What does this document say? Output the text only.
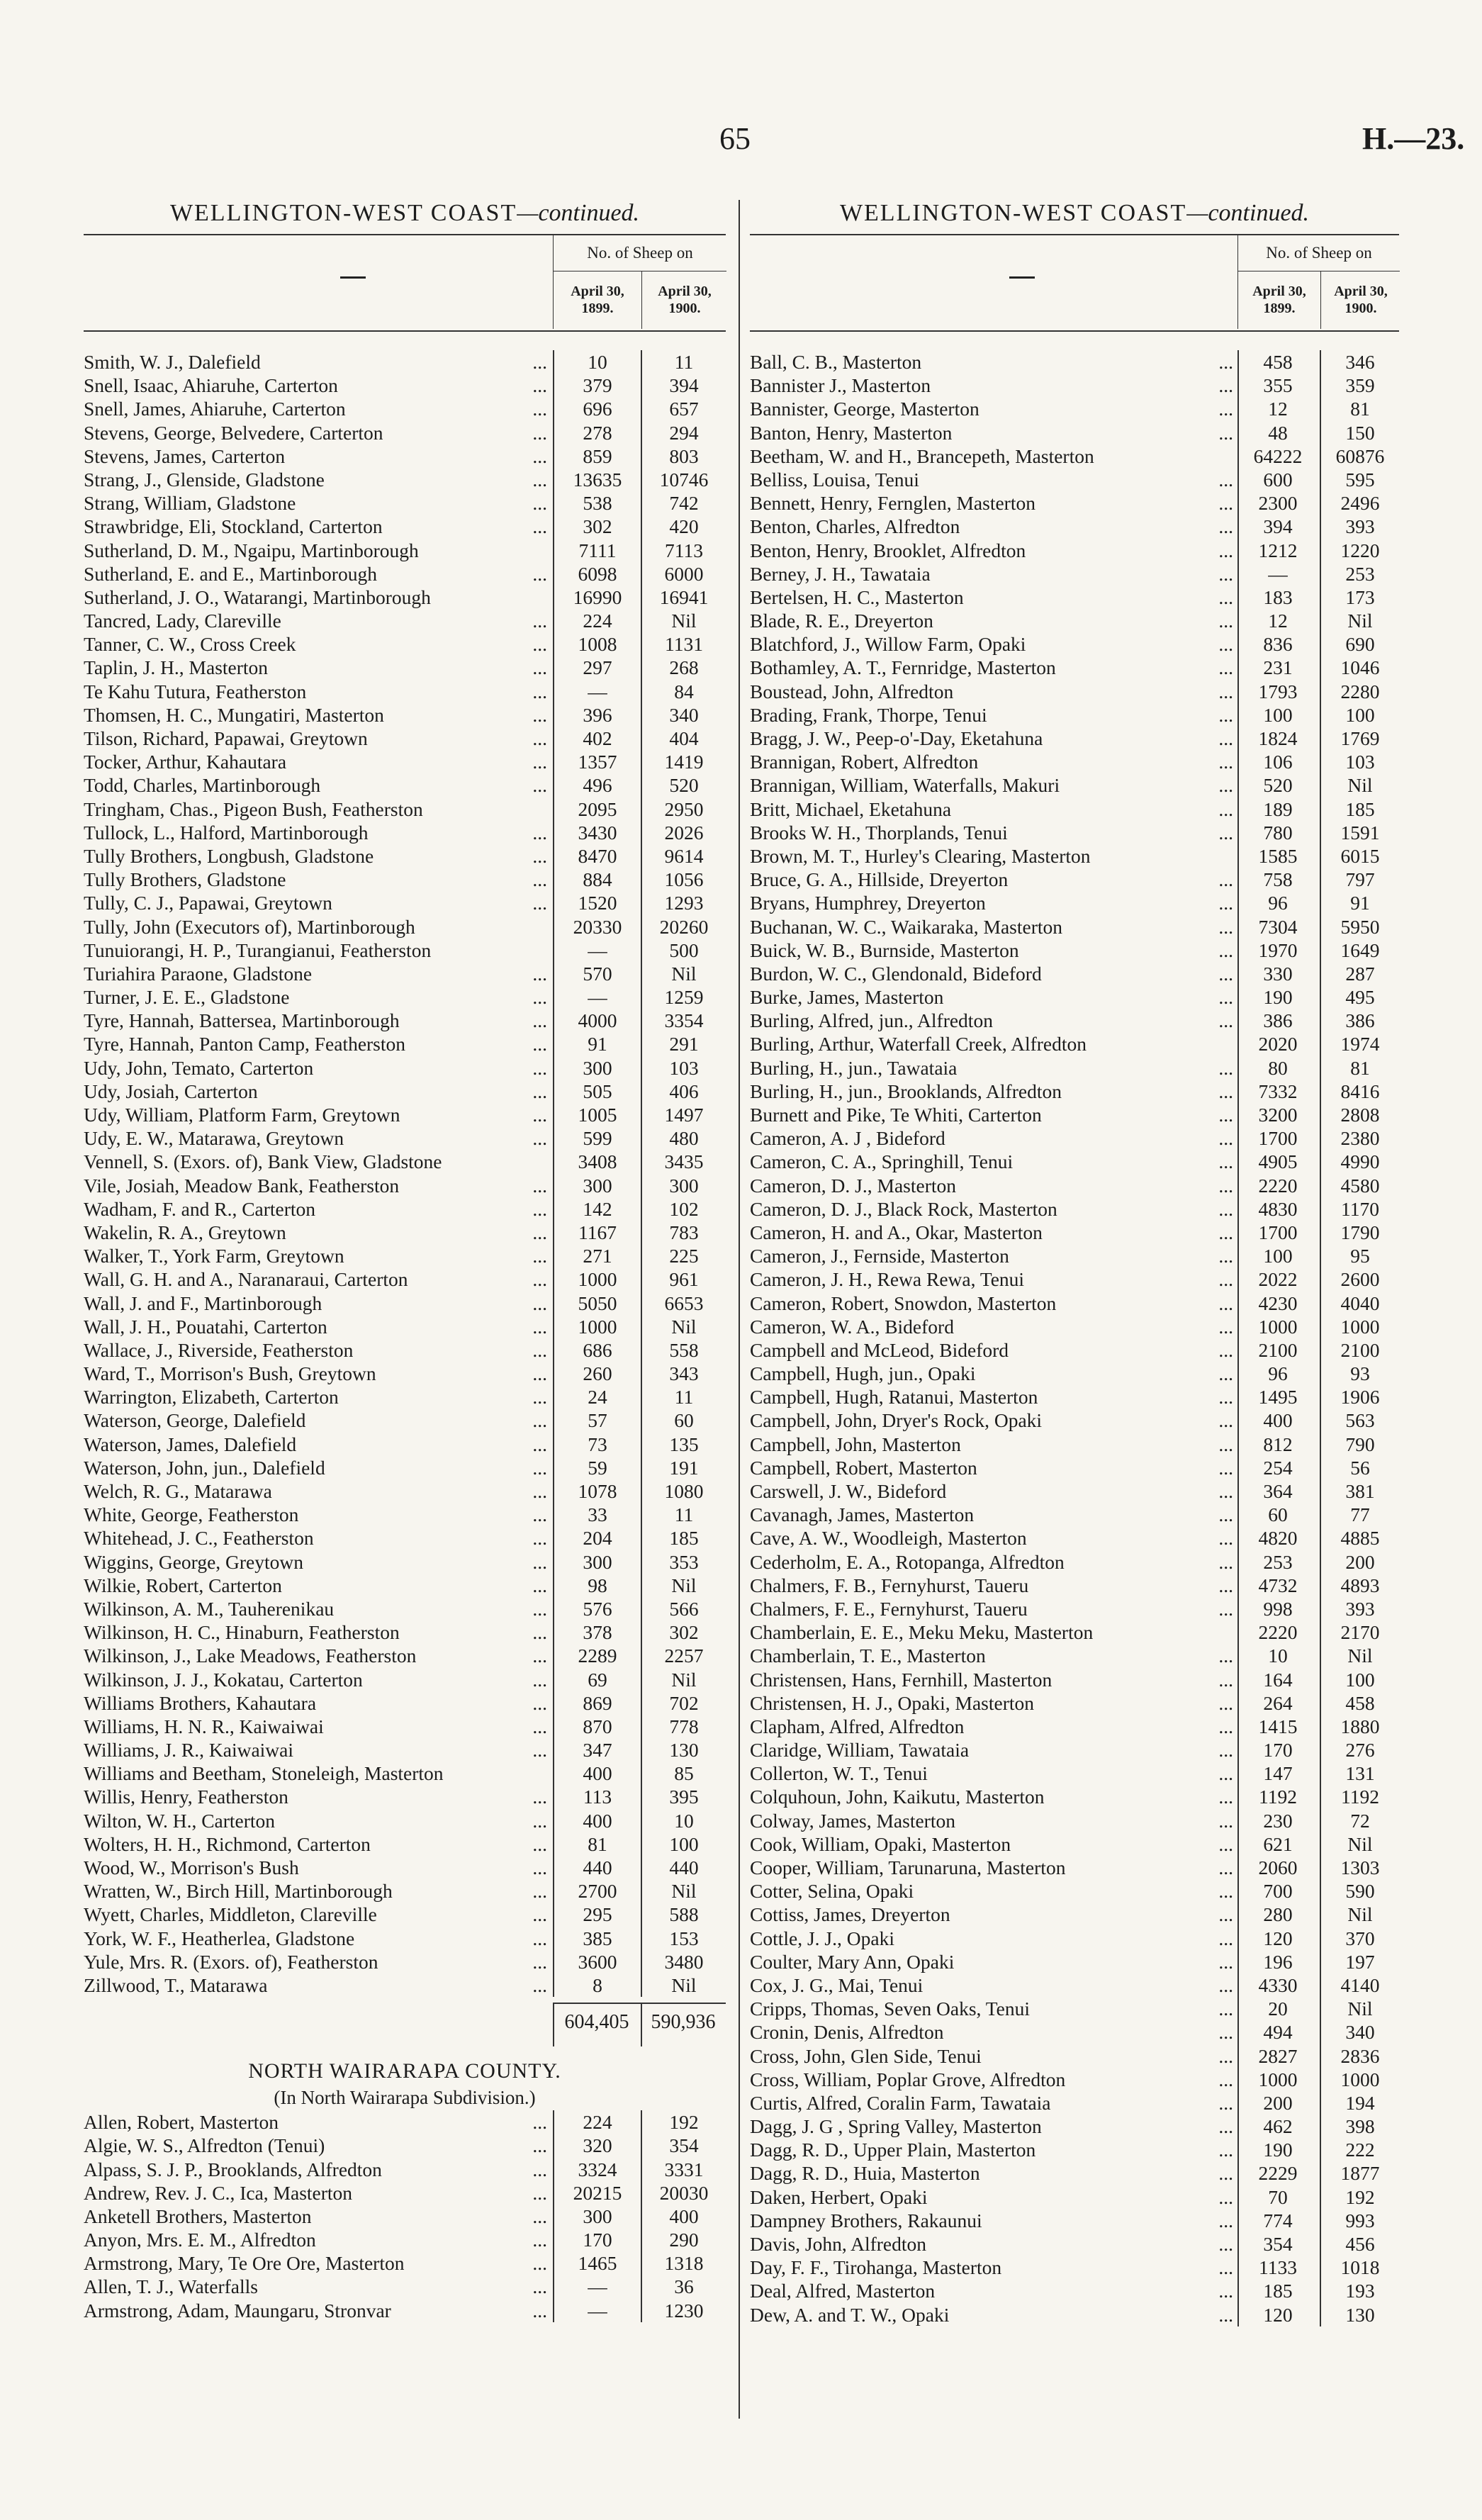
65	H.—23.
WELLINGTON-WEST COAST—continued.
No. of Sheep on
April 30,
1899.
April 30,
1900.
Smith, W. J., Dalefield	...	10	11
Snell, Isaac, Ahiaruhe, Carterton	...	379	394
Snell, James, Ahiaruhe, Carterton	...	696	657
Stevens, George, Belvedere, Carterton	...	278	294
Stevens, James, Carterton	...	859	803
Strang, J., Glenside, Gladstone	...	13635	10746
Strang, William, Gladstone	...	538	742
Strawbridge, Eli, Stockland, Carterton	...	302	420
Sutherland, D. M., Ngaipu, Martinborough	7111	7113
Sutherland, E. and E., Martinborough	...	6098	6000
Sutherland, J. O., Watarangi, Martinborough	16990	16941
Tancred, Lady, Clareville	...	224	Nil
Tanner, C. W., Cross Creek	...	1008	1131
Taplin, J. H., Masterton	...	297	268
Te Kahu Tutura, Featherston	...	—	84
Thomsen, H. C., Mungatiri, Masterton	...	396	340
Tilson, Richard, Papawai, Greytown	...	402	404
Tocker, Arthur, Kahautara	...	1357	1419
Todd, Charles, Martinborough	...	496	520
Tringham, Chas., Pigeon Bush, Featherston	2095	2950
Tullock, L., Halford, Martinborough	...	3430	2026
Tully Brothers, Longbush, Gladstone	...	8470	9614
Tully Brothers, Gladstone	...	884	1056
Tully, C. J., Papawai, Greytown	...	1520	1293
Tully, John (Executors of), Martinborough	20330	20260
Tunuiorangi, H. P., Turangianui, Featherston	—	500
Turiahira Paraone, Gladstone	...	570	Nil
Turner, J. E. E., Gladstone	...	—	1259
Tyre, Hannah, Battersea, Martinborough	...	4000	3354
Tyre, Hannah, Panton Camp, Featherston	...	91	291
Udy, John, Temato, Carterton	...	300	103
Udy, Josiah, Carterton	...	505	406
Udy, William, Platform Farm, Greytown	...	1005	1497
Udy, E. W., Matarawa, Greytown	...	599	480
Vennell, S. (Exors. of), Bank View, Gladstone	3408	3435
Vile, Josiah, Meadow Bank, Featherston	...	300	300
Wadham, F. and R., Carterton	...	142	102
Wakelin, R. A., Greytown	...	1167	783
Walker, T., York Farm, Greytown	...	271	225
Wall, G. H. and A., Naranaraui, Carterton	...	1000	961
Wall, J. and F., Martinborough	...	5050	6653
Wall, J. H., Pouatahi, Carterton	...	1000	Nil
Wallace, J., Riverside, Featherston	...	686	558
Ward, T., Morrison's Bush, Greytown	...	260	343
Warrington, Elizabeth, Carterton	...	24	11
Waterson, George, Dalefield	...	57	60
Waterson, James, Dalefield	...	73	135
Waterson, John, jun., Dalefield	...	59	191
Welch, R. G., Matarawa	...	1078	1080
White, George, Featherston	...	33	11
Whitehead, J. C., Featherston	...	204	185
Wiggins, George, Greytown	...	300	353
Wilkie, Robert, Carterton	...	98	Nil
Wilkinson, A. M., Tauherenikau	...	576	566
Wilkinson, H. C., Hinaburn, Featherston	...	378	302
Wilkinson, J., Lake Meadows, Featherston	...	2289	2257
Wilkinson, J. J., Kokatau, Carterton	...	69	Nil
Williams Brothers, Kahautara	...	869	702
Williams, H. N. R., Kaiwaiwai	...	870	778
Williams, J. R., Kaiwaiwai	...	347	130
Williams and Beetham, Stoneleigh, Masterton	400	85
Willis, Henry, Featherston	...	113	395
Wilton, W. H., Carterton	...	400	10
Wolters, H. H., Richmond, Carterton	...	81	100
Wood, W., Morrison's Bush	...	440	440
Wratten, W., Birch Hill, Martinborough	...	2700	Nil
Wyett, Charles, Middleton, Clareville	...	295	588
York, W. F., Heatherlea, Gladstone	...	385	153
Yule, Mrs. R. (Exors. of), Featherston	...	3600	3480
Zillwood, T., Matarawa	...	8	Nil
604,405	590,936
NORTH WAIRARAPA COUNTY.
(In North Wairarapa Subdivision.)
Allen, Robert, Masterton	...	224	192
Algie, W. S., Alfredton (Tenui)	...	320	354
Alpass, S. J. P., Brooklands, Alfredton	...	3324	3331
Andrew, Rev. J. C., Ica, Masterton	...	20215	20030
Anketell Brothers, Masterton	...	300	400
Anyon, Mrs. E. M., Alfredton	...	170	290
Armstrong, Mary, Te Ore Ore, Masterton	...	1465	1318
Allen, T. J., Waterfalls	...	—	36
Armstrong, Adam, Maungaru, Stronvar	...	—	1230
WELLINGTON-WEST COAST—continued.
No. of Sheep on
April 30,
1899.
April 30,
1900.
Ball, C. B., Masterton	...	458	346
Bannister J., Masterton	...	355	359
Bannister, George, Masterton	...	12	81
Banton, Henry, Masterton	...	48	150
Beetham, W. and H., Brancepeth, Masterton	64222	60876
Belliss, Louisa, Tenui	...	600	595
Bennett, Henry, Fernglen, Masterton	...	2300	2496
Benton, Charles, Alfredton	...	394	393
Benton, Henry, Brooklet, Alfredton	...	1212	1220
Berney, J. H., Tawataia	...	—	253
Bertelsen, H. C., Masterton	...	183	173
Blade, R. E., Dreyerton	...	12	Nil
Blatchford, J., Willow Farm, Opaki	...	836	690
Bothamley, A. T., Fernridge, Masterton	...	231	1046
Boustead, John, Alfredton	...	1793	2280
Brading, Frank, Thorpe, Tenui	...	100	100
Bragg, J. W., Peep-o'-Day, Eketahuna	...	1824	1769
Brannigan, Robert, Alfredton	...	106	103
Brannigan, William, Waterfalls, Makuri	...	520	Nil
Britt, Michael, Eketahuna	...	189	185
Brooks W. H., Thorplands, Tenui	...	780	1591
Brown, M. T., Hurley's Clearing, Masterton	1585	6015
Bruce, G. A., Hillside, Dreyerton	...	758	797
Bryans, Humphrey, Dreyerton	...	96	91
Buchanan, W. C., Waikaraka, Masterton	...	7304	5950
Buick, W. B., Burnside, Masterton	...	1970	1649
Burdon, W. C., Glendonald, Bideford	...	330	287
Burke, James, Masterton	...	190	495
Burling, Alfred, jun., Alfredton	...	386	386
Burling, Arthur, Waterfall Creek, Alfredton	2020	1974
Burling, H., jun., Tawataia	...	80	81
Burling, H., jun., Brooklands, Alfredton	...	7332	8416
Burnett and Pike, Te Whiti, Carterton	...	3200	2808
Cameron, A. J , Bideford	...	1700	2380
Cameron, C. A., Springhill, Tenui	...	4905	4990
Cameron, D. J., Masterton	...	2220	4580
Cameron, D. J., Black Rock, Masterton	...	4830	1170
Cameron, H. and A., Okar, Masterton	...	1700	1790
Cameron, J., Fernside, Masterton	...	100	95
Cameron, J. H., Rewa Rewa, Tenui	...	2022	2600
Cameron, Robert, Snowdon, Masterton	...	4230	4040
Cameron, W. A., Bideford	...	1000	1000
Campbell and McLeod, Bideford	...	2100	2100
Campbell, Hugh, jun., Opaki	...	96	93
Campbell, Hugh, Ratanui, Masterton	...	1495	1906
Campbell, John, Dryer's Rock, Opaki	...	400	563
Campbell, John, Masterton	...	812	790
Campbell, Robert, Masterton	...	254	56
Carswell, J. W., Bideford	...	364	381
Cavanagh, James, Masterton	...	60	77
Cave, A. W., Woodleigh, Masterton	...	4820	4885
Cederholm, E. A., Rotopanga, Alfredton	...	253	200
Chalmers, F. B., Fernyhurst, Taueru	...	4732	4893
Chalmers, F. E., Fernyhurst, Taueru	...	998	393
Chamberlain, E. E., Meku Meku, Masterton	2220	2170
Chamberlain, T. E., Masterton	...	10	Nil
Christensen, Hans, Fernhill, Masterton	...	164	100
Christensen, H. J., Opaki, Masterton	...	264	458
Clapham, Alfred, Alfredton	...	1415	1880
Claridge, William, Tawataia	...	170	276
Collerton, W. T., Tenui	...	147	131
Colquhoun, John, Kaikutu, Masterton	...	1192	1192
Colway, James, Masterton	...	230	72
Cook, William, Opaki, Masterton	...	621	Nil
Cooper, William, Tarunaruna, Masterton	...	2060	1303
Cotter, Selina, Opaki	...	700	590
Cottiss, James, Dreyerton	...	280	Nil
Cottle, J. J., Opaki	...	120	370
Coulter, Mary Ann, Opaki	...	196	197
Cox, J. G., Mai, Tenui	...	4330	4140
Cripps, Thomas, Seven Oaks, Tenui	...	20	Nil
Cronin, Denis, Alfredton	...	494	340
Cross, John, Glen Side, Tenui	...	2827	2836
Cross, William, Poplar Grove, Alfredton	...	1000	1000
Curtis, Alfred, Coralin Farm, Tawataia	...	200	194
Dagg, J. G , Spring Valley, Masterton	...	462	398
Dagg, R. D., Upper Plain, Masterton	...	190	222
Dagg, R. D., Huia, Masterton	...	2229	1877
Daken, Herbert, Opaki	...	70	192
Dampney Brothers, Rakaunui	...	774	993
Davis, John, Alfredton	...	354	456
Day, F. F., Tirohanga, Masterton	...	1133	1018
Deal, Alfred, Masterton	...	185	193
Dew, A. and T. W., Opaki	...	120	130
